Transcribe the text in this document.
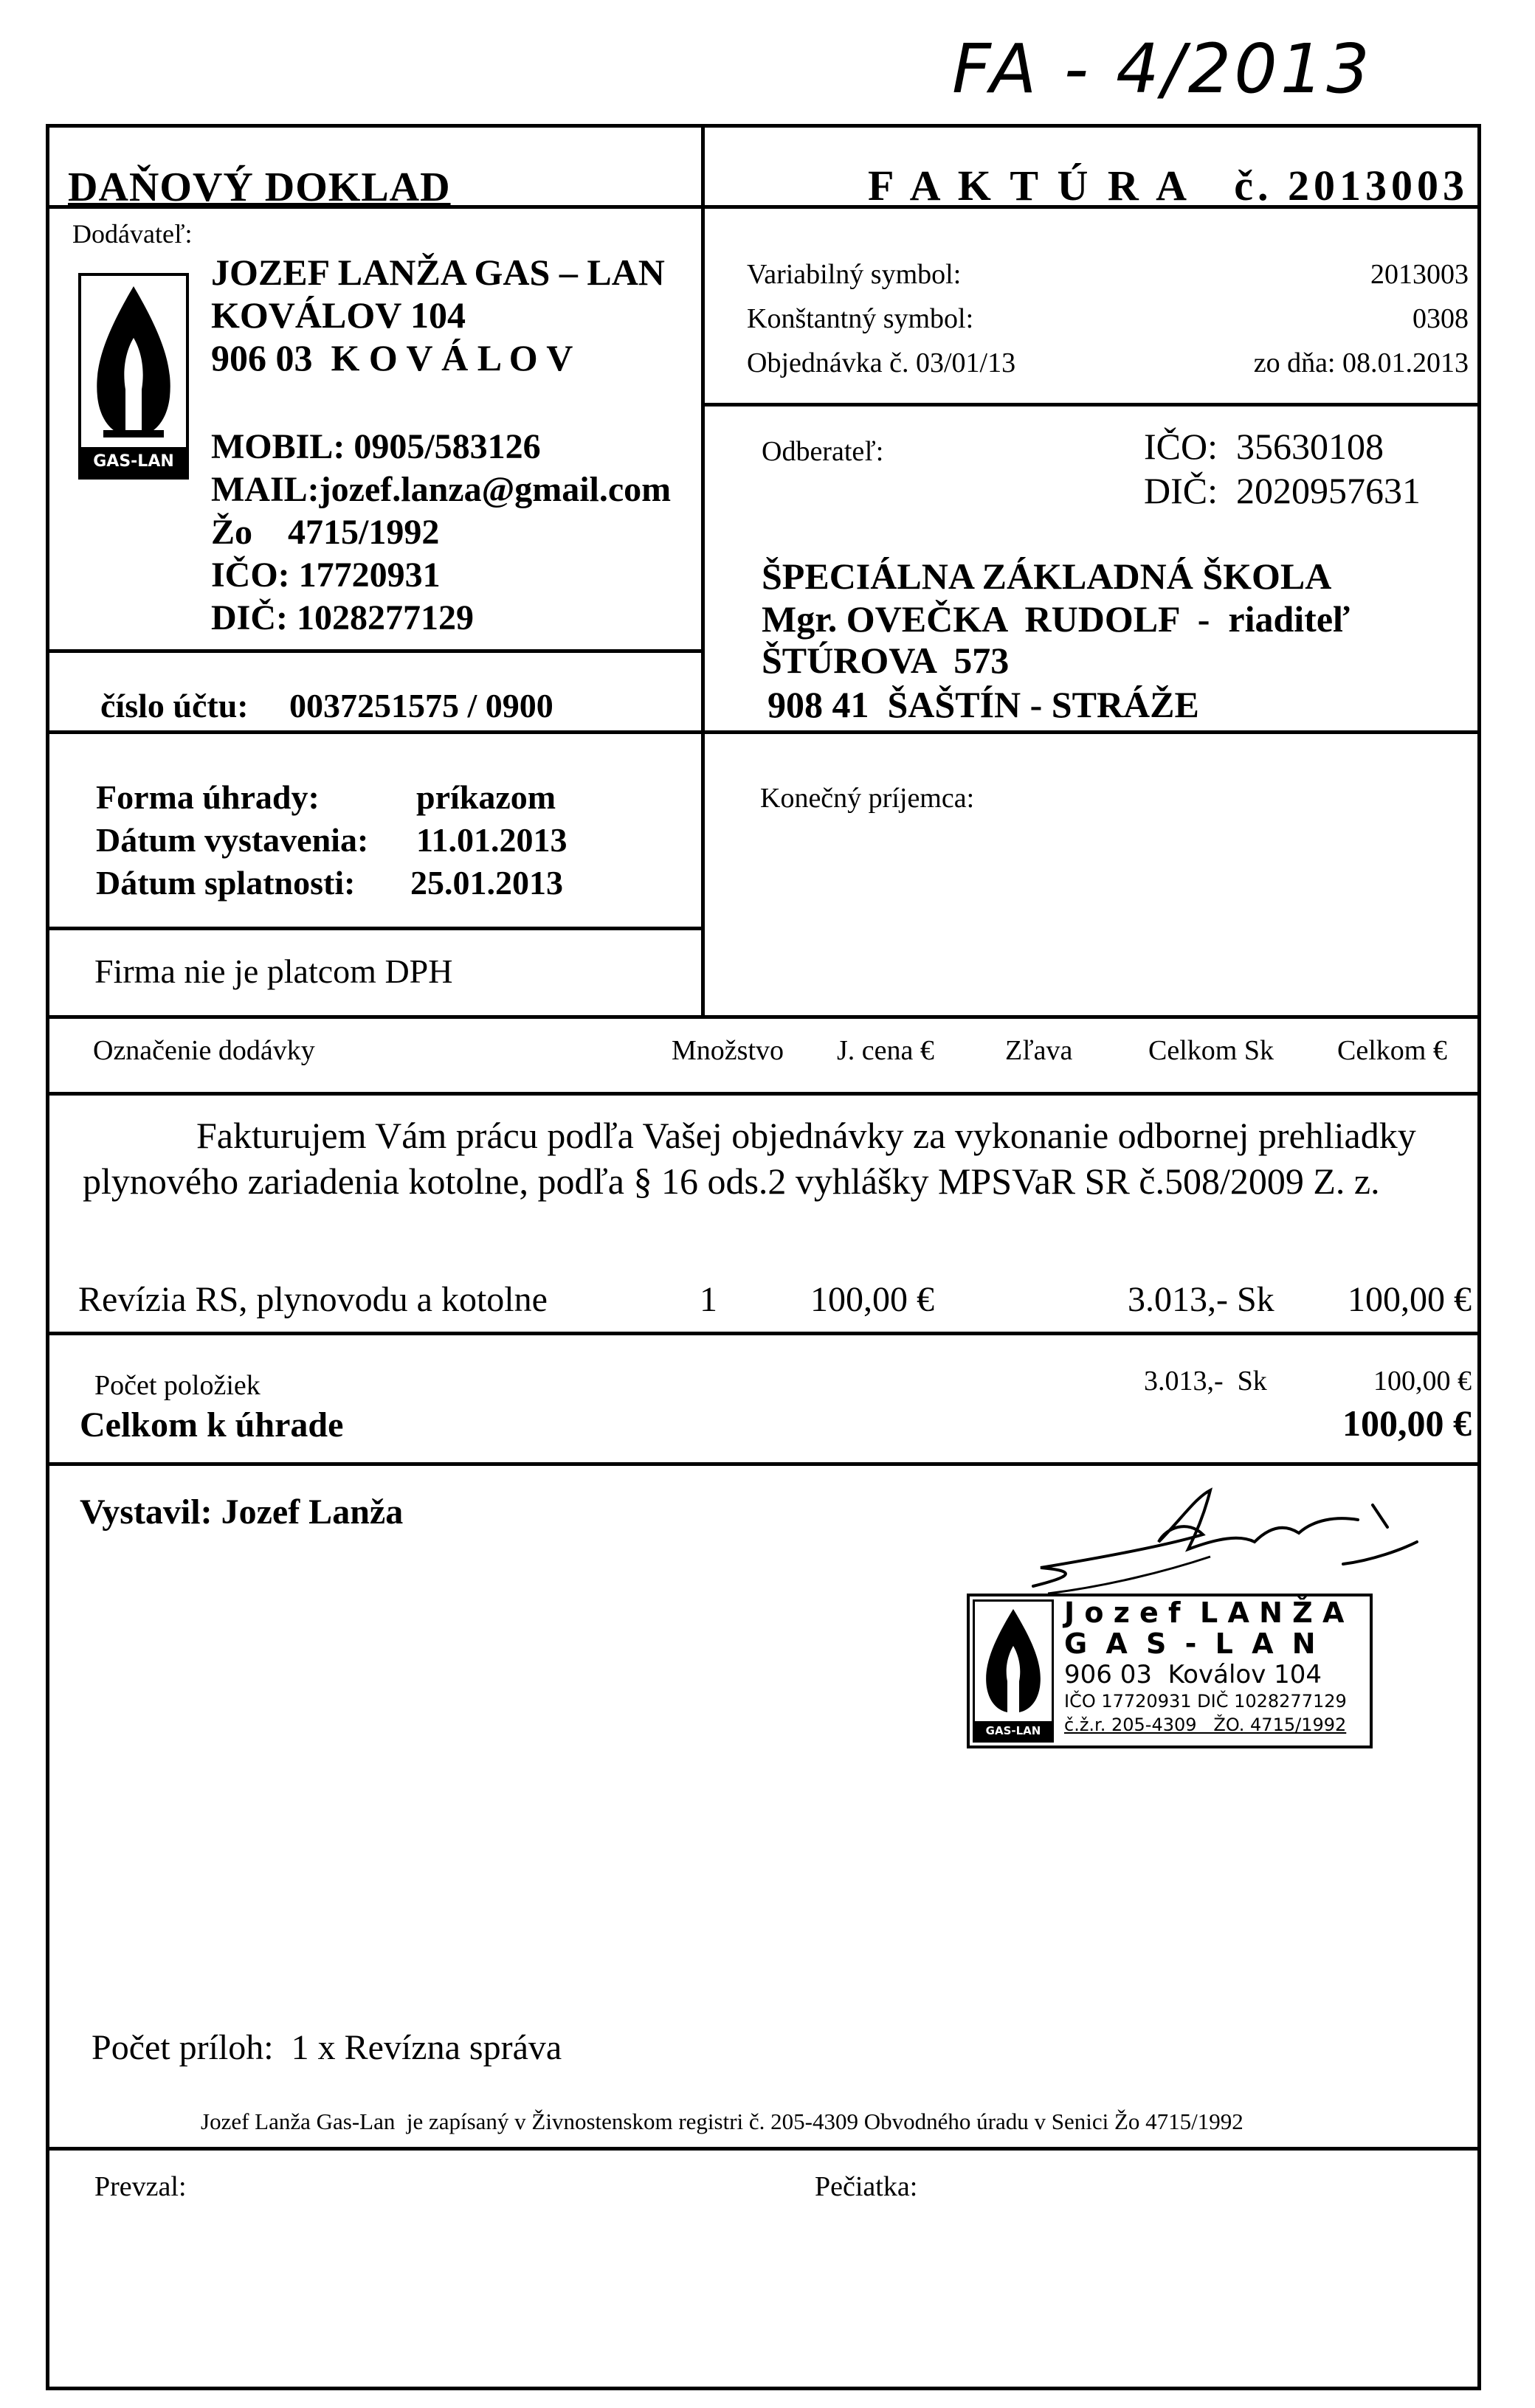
FA - 4/2013
DAŇOVÝ DOKLAD	F A K T Ú R A   č. 2013003
Dodávateľ:
GAS-LAN
JOZEF LANŽA GAS – LAN
KOVÁLOV 104
906 03  K O V Á L O V
MOBIL: 0905/583126
MAIL:jozef.lanza@gmail.com
Žo    4715/1992
IČO: 17720931
DIČ: 1028277129
číslo účtu: 0037251575 / 0900
Variabilný symbol:	2013003
Konštantný symbol:	0308
Objednávka č. 03/01/13	zo dňa: 08.01.2013
Odberateľ:	IČO:  35630108
DIČ:  2020957631
ŠPECIÁLNA ZÁKLADNÁ ŠKOLA
Mgr. OVEČKA  RUDOLF  -  riaditeľ
ŠTÚROVA  573
908 41  ŠAŠTÍN - STRÁŽE
Forma úhrady:	príkazom
Dátum vystavenia: 11.01.2013
Dátum splatnosti: 25.01.2013
Firma nie je platcom DPH
Konečný príjemca:
Označenie dodávky	Množstvo J. cena €	Zľava	Celkom Sk Celkom €
Fakturujem Vám prácu podľa Vašej objednávky za vykonanie odbornej prehliadky
plynového zariadenia kotolne, podľa § 16 ods.2 vyhlášky MPSVaR SR č.508/2009 Z. z.
Revízia RS, plynovodu a kotolne	1	100,00 €	3.013,- Sk 100,00 €
Počet položiek	3.013,-  Sk	100,00 €
Celkom k úhrade	100,00 €
Vystavil: Jozef Lanža
GAS-LAN
J o z e f  L A N Ž A
G A S - L A N
906 03  Koválov 104
IČO 17720931 DIČ 1028277129
č.ž.r. 205-4309   ŽO. 4715/1992
Počet príloh:  1 x Revízna správa
Jozef Lanža Gas-Lan  je zapísaný v Živnostenskom registri č. 205-4309 Obvodného úradu v Senici Žo 4715/1992
Prevzal:	Pečiatka:
